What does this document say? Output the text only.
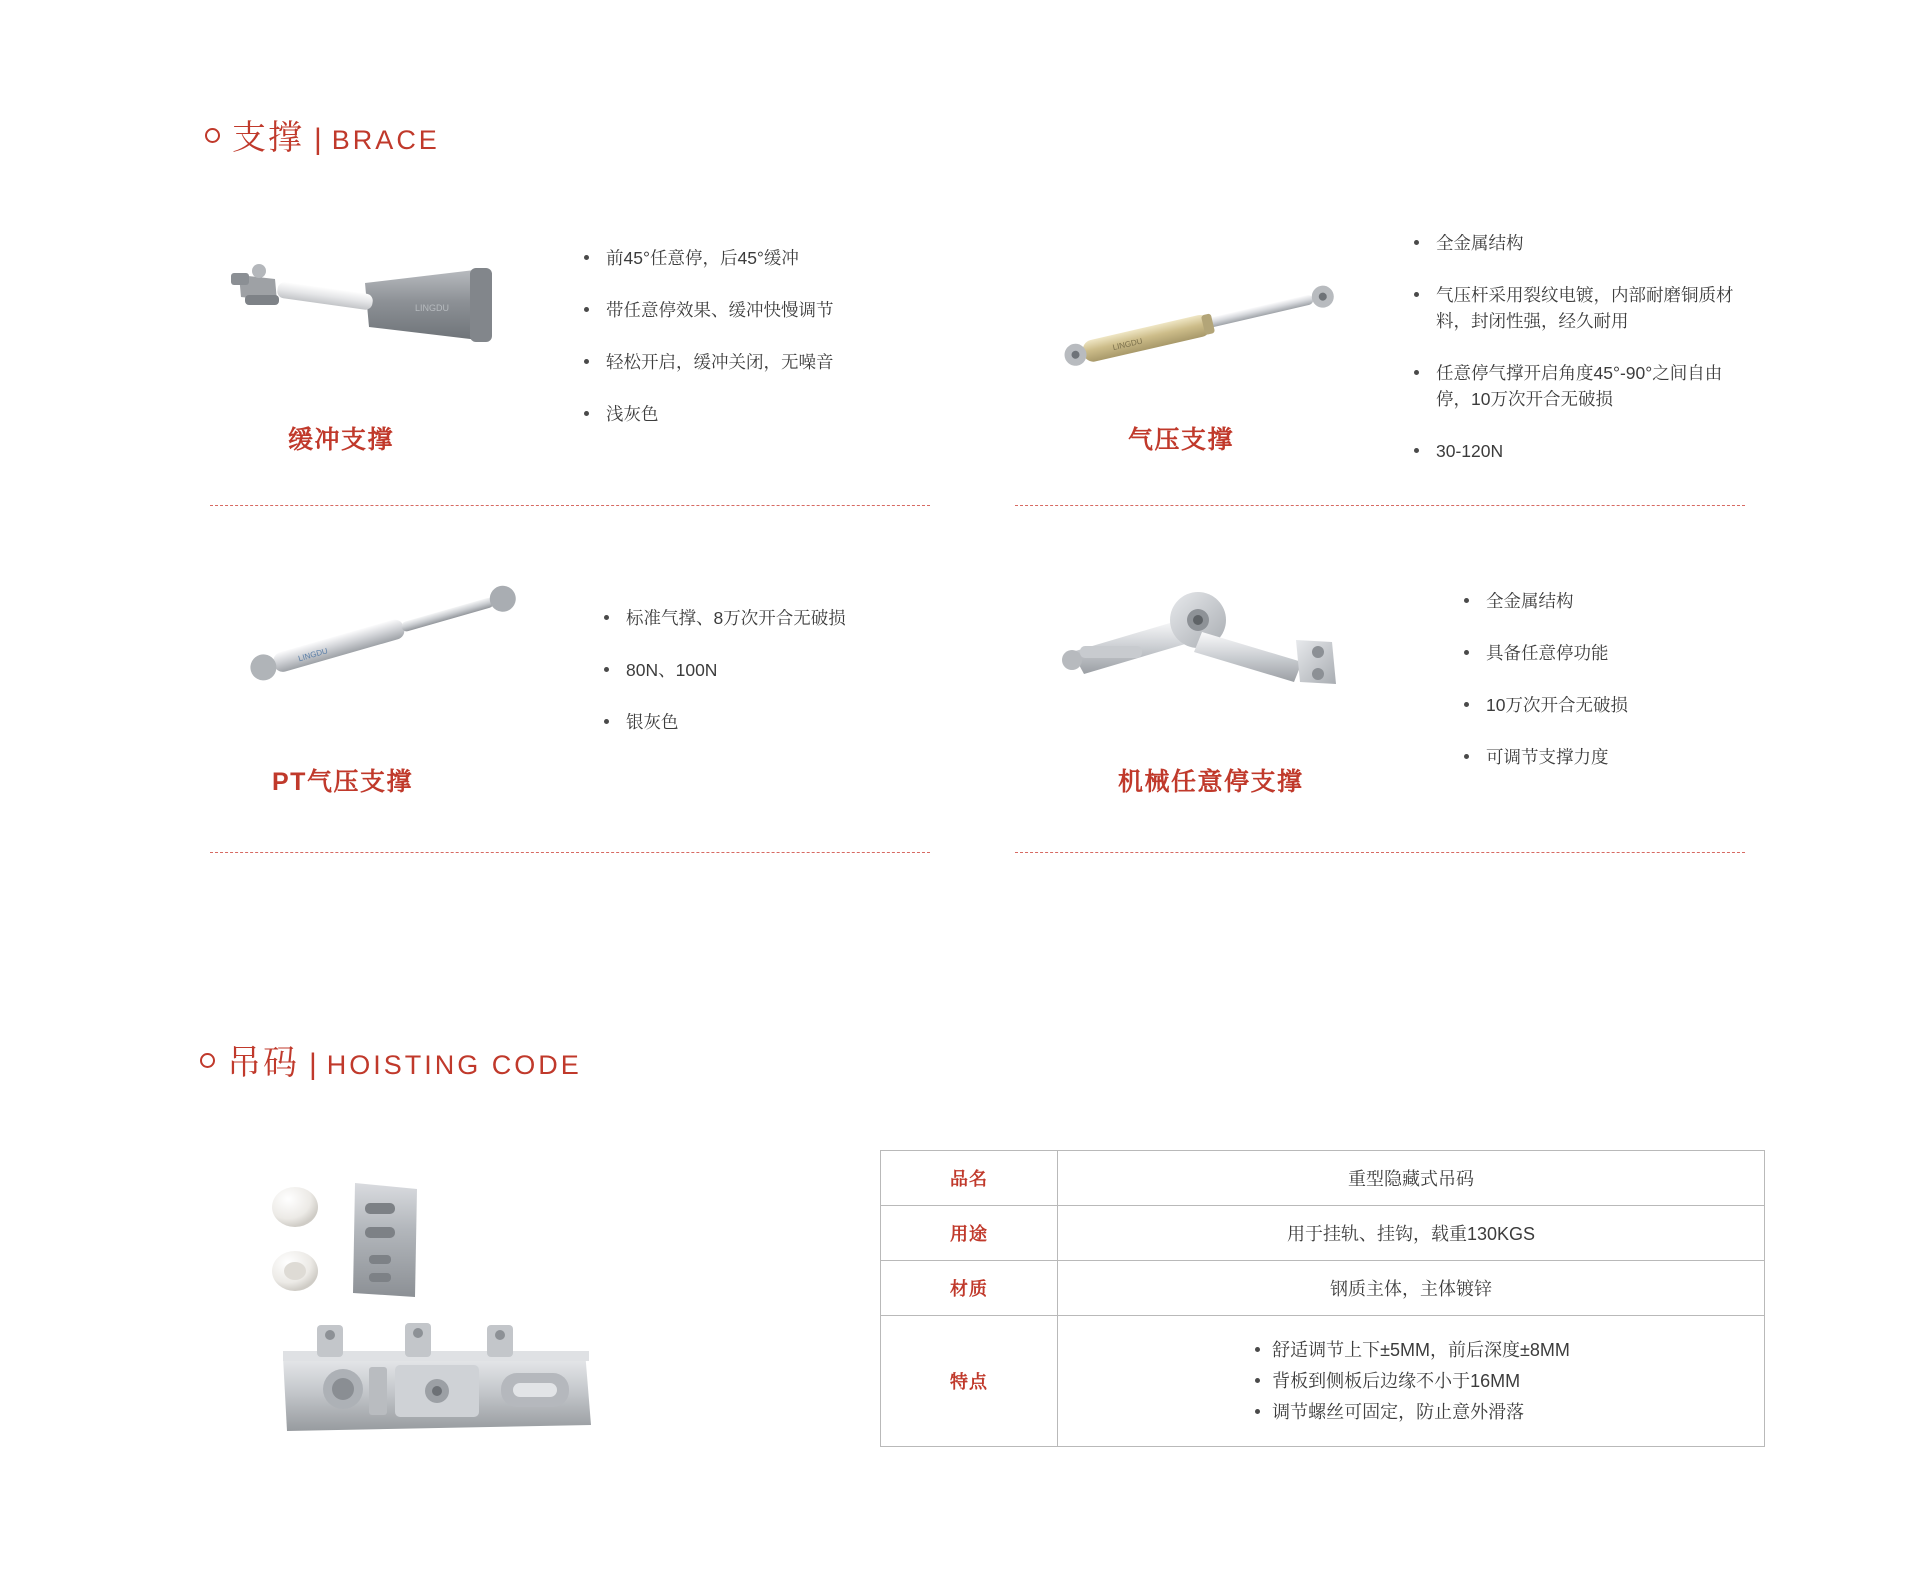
支撑 | BRACE
LINGDU
缓冲支撑
前45°任意停，后45°缓冲
带任意停效果、缓冲快慢调节
轻松开启，缓冲关闭，无噪音
浅灰色
LINGDU
气压支撑
全金属结构
气压杆采用裂纹电镀，内部耐磨铜质材料，封闭性强，经久耐用
任意停气撑开启角度45°-90°之间自由停，10万次开合无破损
30-120N
LINGDU
PT气压支撑
标准气撑、8万次开合无破损
80N、100N
银灰色
机械任意停支撑
全金属结构
具备任意停功能
10万次开合无破损
可调节支撑力度
吊码 | HOISTING CODE
品名	重型隐藏式吊码
用途	用于挂轨、挂钩，载重130KGS
材质	钢质主体，主体镀锌
特点	
舒适调节上下±5MM，前后深度±8MM
背板到侧板后边缘不小于16MM
调节螺丝可固定，防止意外滑落
